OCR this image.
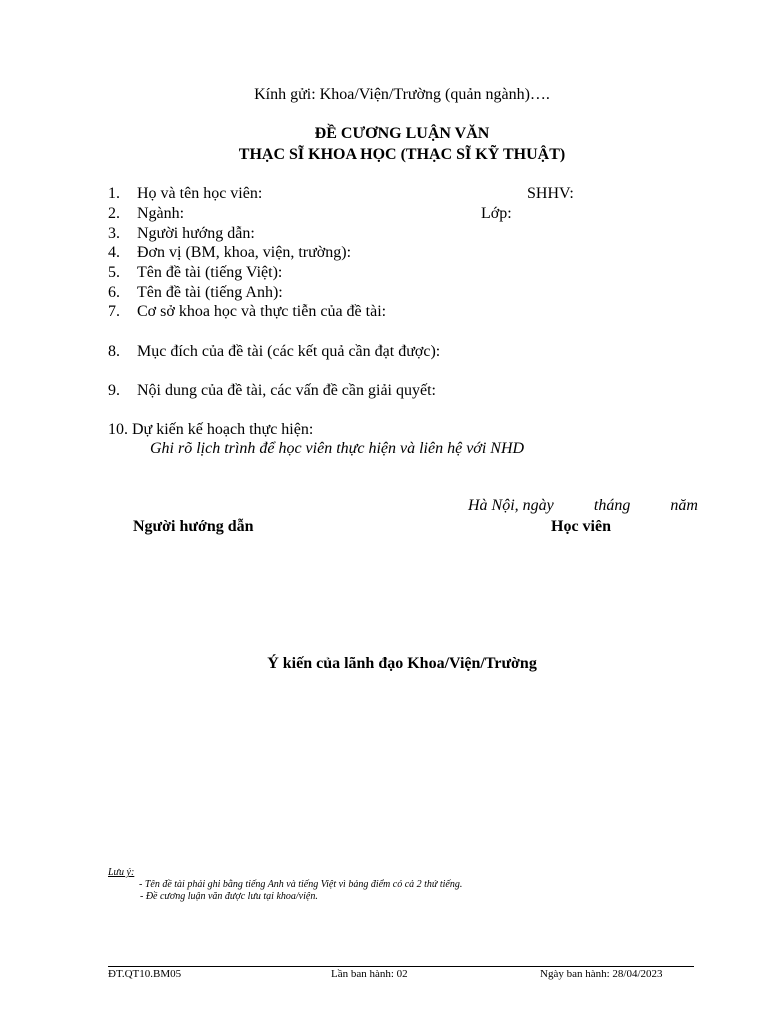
Kính gửi: Khoa/Viện/Trường (quản ngành)….
ĐỀ CƯƠNG LUẬN VĂN
THẠC SĨ KHOA HỌC (THẠC SĨ KỸ THUẬT)
1. Họ và tên học viên:	SHHV:
2. Ngành:	Lớp:
3. Người hướng dẫn:
4. Đơn vị (BM, khoa, viện, trường):
5. Tên đề tài (tiếng Việt):
6. Tên đề tài (tiếng Anh):
7. Cơ sở khoa học và thực tiễn của đề tài:
8. Mục đích của đề tài (các kết quả cần đạt được):
9. Nội dung của đề tài, các vấn đề cần giải quyết:
10. Dự kiến kế hoạch thực hiện:
Ghi rõ lịch trình để học viên thực hiện và liên hệ với NHD
Hà Nội, ngày	tháng	năm
Người hướng dẫn	Học viên
Ý kiến của lãnh đạo Khoa/Viện/Trường
Lưu ý:
- Tên đề tài phải ghi bằng tiếng Anh và tiếng Việt vì bảng điểm có cả 2 thứ tiếng.
- Đề cương luận văn được lưu tại khoa/viện.
ĐT.QT10.BM05	Lần ban hành: 02	Ngày ban hành: 28/04/2023
